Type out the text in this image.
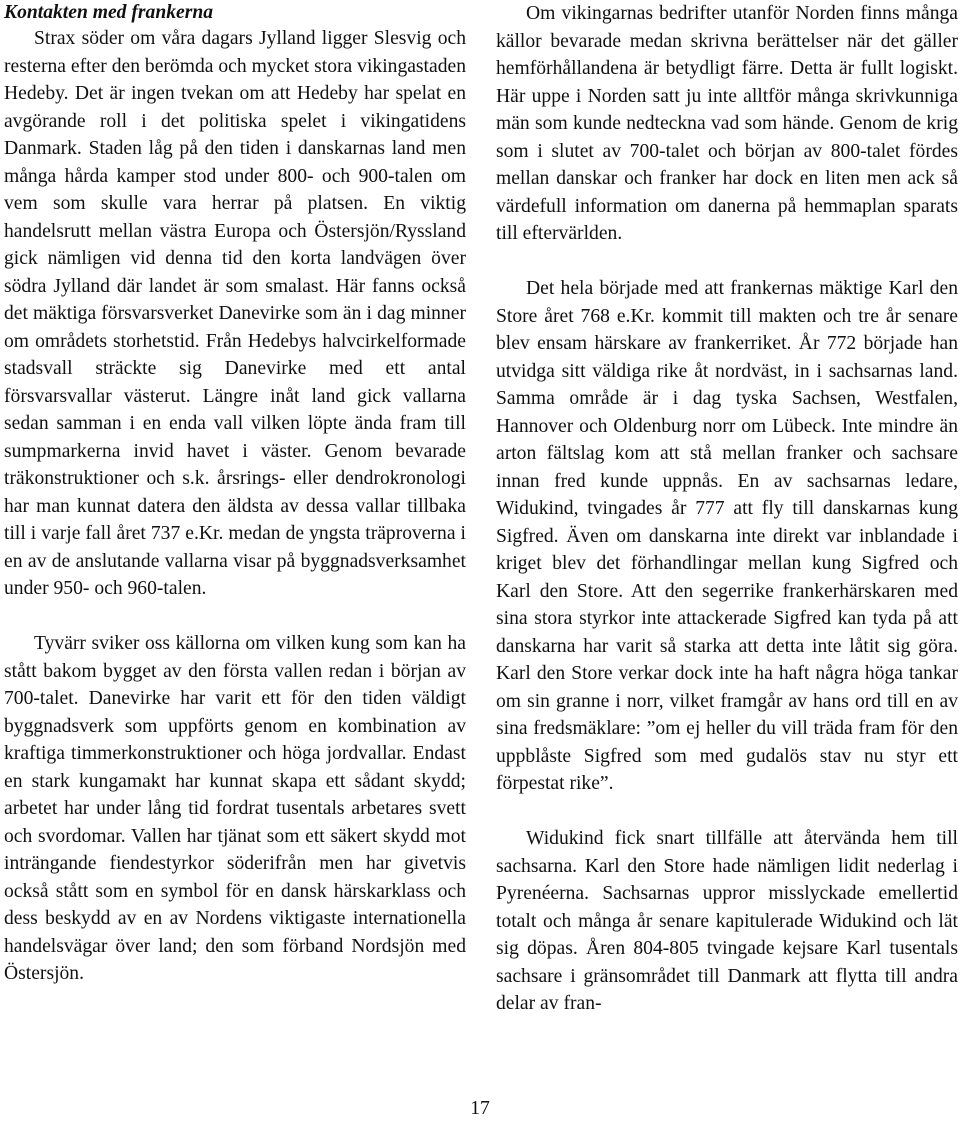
Kontakten med frankerna

Strax söder om våra dagars Jylland ligger Slesvig och resterna efter den berömda och mycket stora vikingastaden Hedeby. Det är ingen tvekan om att Hedeby har spelat en avgörande roll i det politiska spelet i vikingatidens Danmark. Staden låg på den tiden i danskarnas land men många hårda kamper stod under 800- och 900-talen om vem som skulle vara herrar på platsen. En viktig handelsrutt mellan västra Europa och Östersjön/Ryssland gick nämligen vid denna tid den korta landvägen över södra Jylland där landet är som smalast. Här fanns också det mäktiga försvarsverket Danevirke som än i dag minner om områdets storhetstid. Från Hedebys halvcirkelformade stadsvall sträckte sig Danevirke med ett antal försvarsvallar västerut. Längre inåt land gick vallarna sedan samman i en enda vall vilken löpte ända fram till sumpmarkerna invid havet i väster. Genom bevarade träkonstruktioner och s.k. årsrings- eller dendrokronologi har man kunnat datera den äldsta av dessa vallar tillbaka till i varje fall året 737 e.Kr. medan de yngsta träproverna i en av de anslutande vallarna visar på byggnadsverksamhet under 950- och 960-talen.

Tyvärr sviker oss källorna om vilken kung som kan ha stått bakom bygget av den första vallen redan i början av 700-talet. Danevirke har varit ett för den tiden väldigt byggnadsverk som uppförts genom en kombination av kraftiga timmerkonstruktioner och höga jordvallar. Endast en stark kungamakt har kunnat skapa ett sådant skydd; arbetet har under lång tid fordrat tusentals arbetares svett och svordomar. Vallen har tjänat som ett säkert skydd mot inträngande fiendestyrkor söderifrån men har givetvis också stått som en symbol för en dansk härskarklass och dess beskydd av en av Nordens viktigaste internationella handelsvägar över land; den som förband Nordsjön med Östersjön.

Om vikingarnas bedrifter utanför Norden finns många källor bevarade medan skrivna berättelser när det gäller hemförhållandena är betydligt färre. Detta är fullt logiskt. Här uppe i Norden satt ju inte alltför många skrivkunniga män som kunde nedteckna vad som hände. Genom de krig som i slutet av 700-talet och början av 800-talet fördes mellan danskar och franker har dock en liten men ack så värdefull information om danerna på hemmaplan sparats till eftervärlden.

Det hela började med att frankernas mäktige Karl den Store året 768 e.Kr. kommit till makten och tre år senare blev ensam härskare av frankerriket. År 772 började han utvidga sitt väldiga rike åt nordväst, in i sachsarnas land. Samma område är i dag tyska Sachsen, Westfalen, Hannover och Oldenburg norr om Lübeck. Inte mindre än arton fältslag kom att stå mellan franker och sachsare innan fred kunde uppnås. En av sachsarnas ledare, Widukind, tvingades år 777 att fly till danskarnas kung Sigfred. Även om danskarna inte direkt var inblandade i kriget blev det förhandlingar mellan kung Sigfred och Karl den Store. Att den segerrike frankerhärskaren med sina stora styrkor inte attackerade Sigfred kan tyda på att danskarna har varit så starka att detta inte låtit sig göra. Karl den Store verkar dock inte ha haft några höga tankar om sin granne i norr, vilket framgår av hans ord till en av sina fredsmäklare: ”om ej heller du vill träda fram för den uppblåste Sigfred som med gudalös stav nu styr ett förpestat rike”.

Widukind fick snart tillfälle att återvända hem till sachsarna. Karl den Store hade nämligen lidit nederlag i Pyrenéerna. Sachsarnas uppror misslyckade emellertid totalt och många år senare kapitulerade Widukind och lät sig döpas. Åren 804-805 tvingade kejsare Karl tusentals sachsare i gränsområdet till Danmark att flytta till andra delar av fran-

17
